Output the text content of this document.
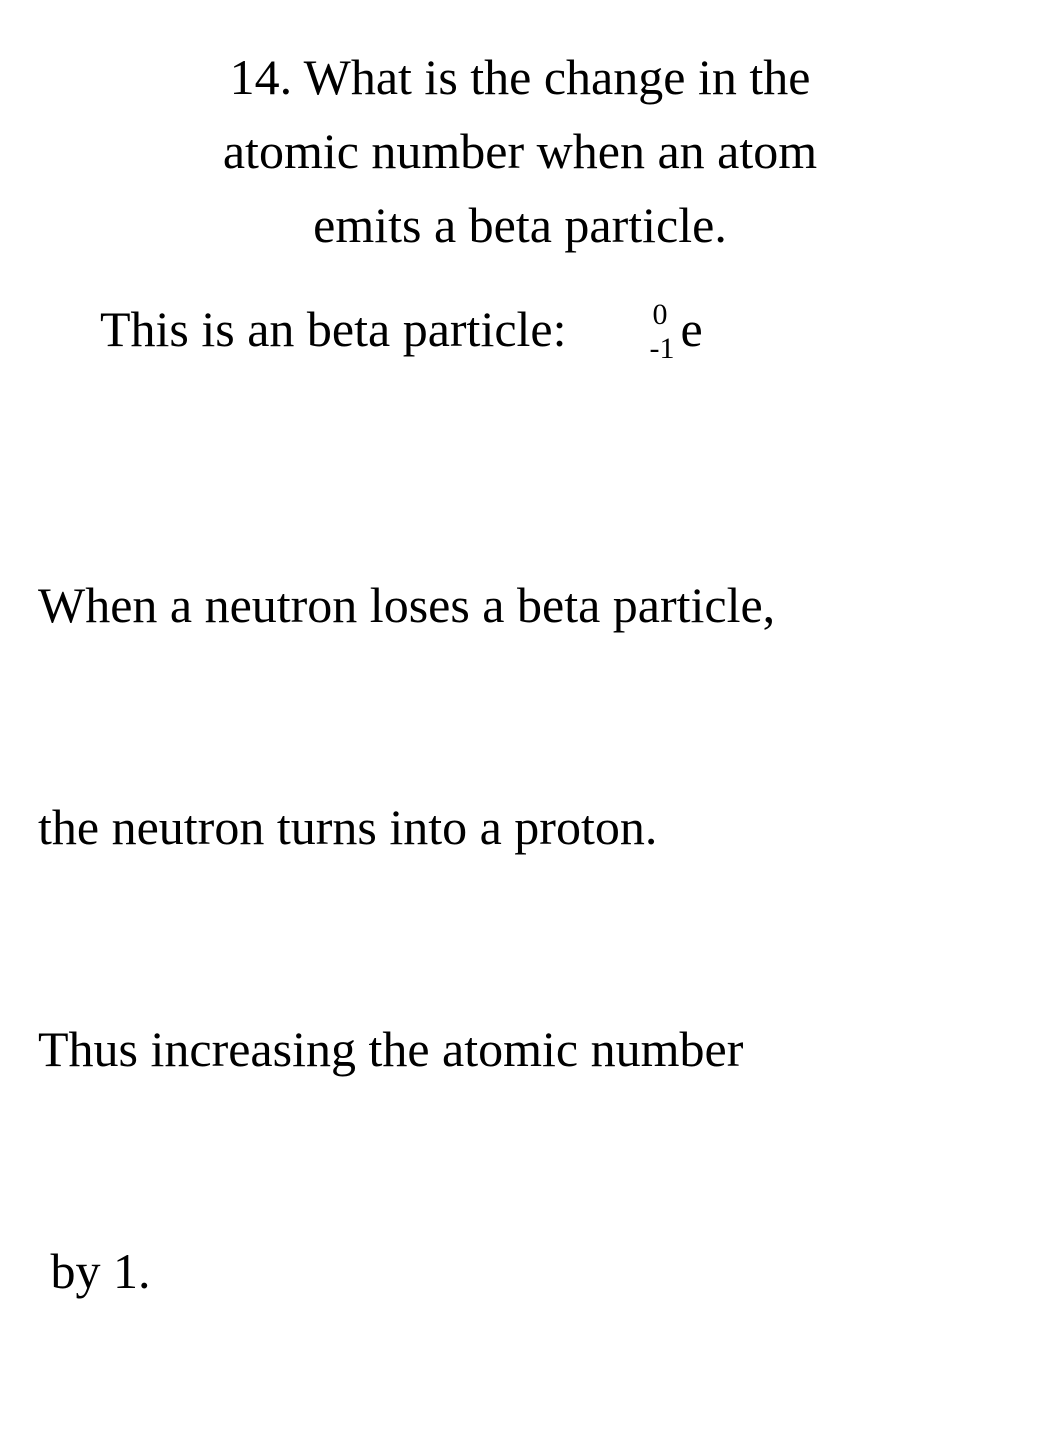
14. What is the change in the
atomic number when an atom
emits a beta particle.
This is an beta particle:	$^0_{-1}$ e

When a neutron loses a beta particle,

the neutron turns into a proton.

Thus increasing the atomic number

by 1.
